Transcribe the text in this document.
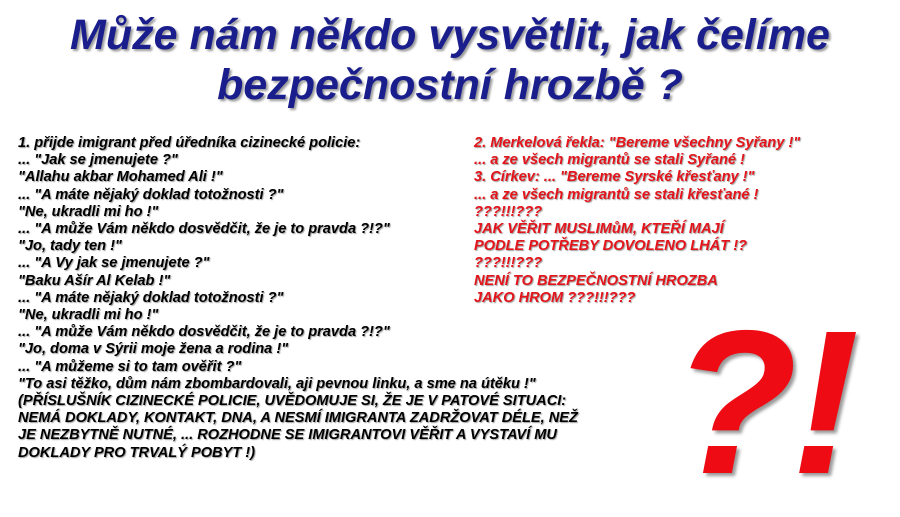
Může nám někdo vysvětlit, jak čelíme
bezpečnostní hrozbě ?
1. přijde imigrant před úředníka cizinecké policie:
... "Jak se jmenujete ?"
"Allahu akbar Mohamed Ali !"
... "A máte nějaký doklad totožnosti ?"
"Ne, ukradli mi ho !"
... "A může Vám někdo dosvědčit, že je to pravda ?!?"
"Jo, tady ten !"
... "A Vy jak se jmenujete ?"
"Baku Ašír Al Kelab !"
... "A máte nějaký doklad totožnosti ?"
"Ne, ukradli mi ho !"
... "A může Vám někdo dosvědčit, že je to pravda ?!?"
"Jo, doma v Sýrii moje žena a rodina !"
... "A můžeme si to tam ověřit ?"
"To asi těžko, dům nám zbombardovali, aji pevnou linku, a sme na útěku !"
(PŘÍSLUŠNÍK CIZINECKÉ POLICIE, UVĚDOMUJE SI, ŽE JE V PATOVÉ SITUACI:
NEMÁ DOKLADY, KONTAKT, DNA, A NESMÍ IMIGRANTA ZADRŽOVAT DÉLE, NEŽ
JE NEZBYTNĚ NUTNÉ, ... ROZHODNE SE IMIGRANTOVI VĚŘIT A VYSTAVÍ MU
DOKLADY PRO TRVALÝ POBYT !)
2. Merkelová řekla: "Bereme všechny Syřany !"
... a ze všech migrantů se stali Syřané !
3. Církev: ... "Bereme Syrské křesťany !"
... a ze všech migrantů se stali křesťané !
???!!!???
JAK VĚŘIT MUSLIMůM, KTEŘÍ MAJÍ
PODLE POTŘEBY DOVOLENO LHÁT !?
???!!!???
NENÍ TO BEZPEČNOSTNÍ HROZBA
JAKO HROM ???!!!??? ?!
